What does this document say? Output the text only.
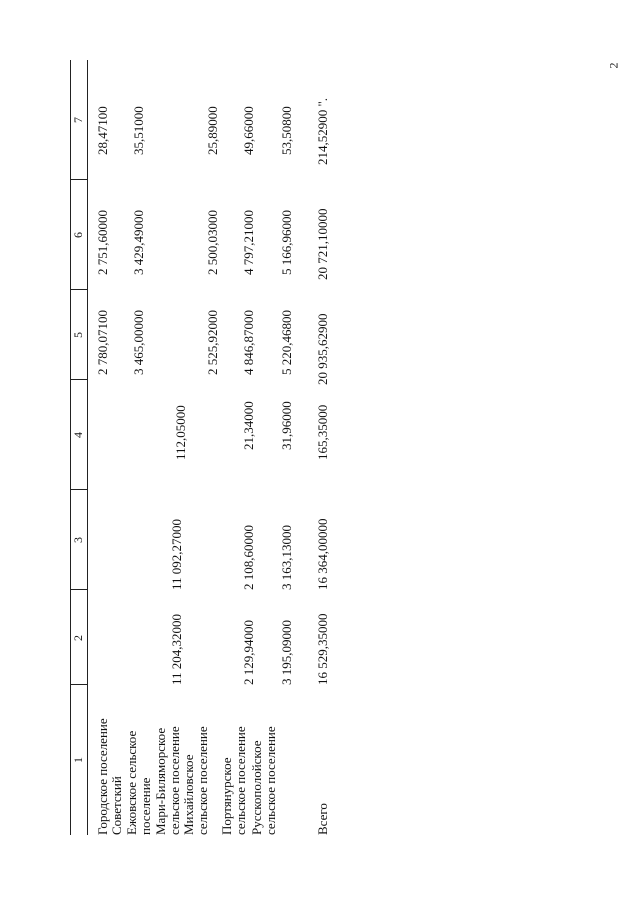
2
1
2
3
4
5
6
7
Городское поселение Советский
2 780,07100
2 751,60000
28,47100
Ежовское сельское поселение
3 465,00000
3 429,49000
35,51000
Мари-Биляморское сельское поселение
11 204,32000
11 092,27000
112,05000
Михайловское сельское поселение
2 525,92000
2 500,03000
25,89000
Портянурское сельское поселение
2 129,94000
2 108,60000
21,34000
4 846,87000
4 797,21000
49,66000
Русскополойское сельское поселение
3 195,09000
3 163,13000
31,96000
5 220,46800
5 166,96000
53,50800
Всего
16 529,35000
16 364,00000
165,35000
20 935,62900
20 721,10000
214,52900 ".
